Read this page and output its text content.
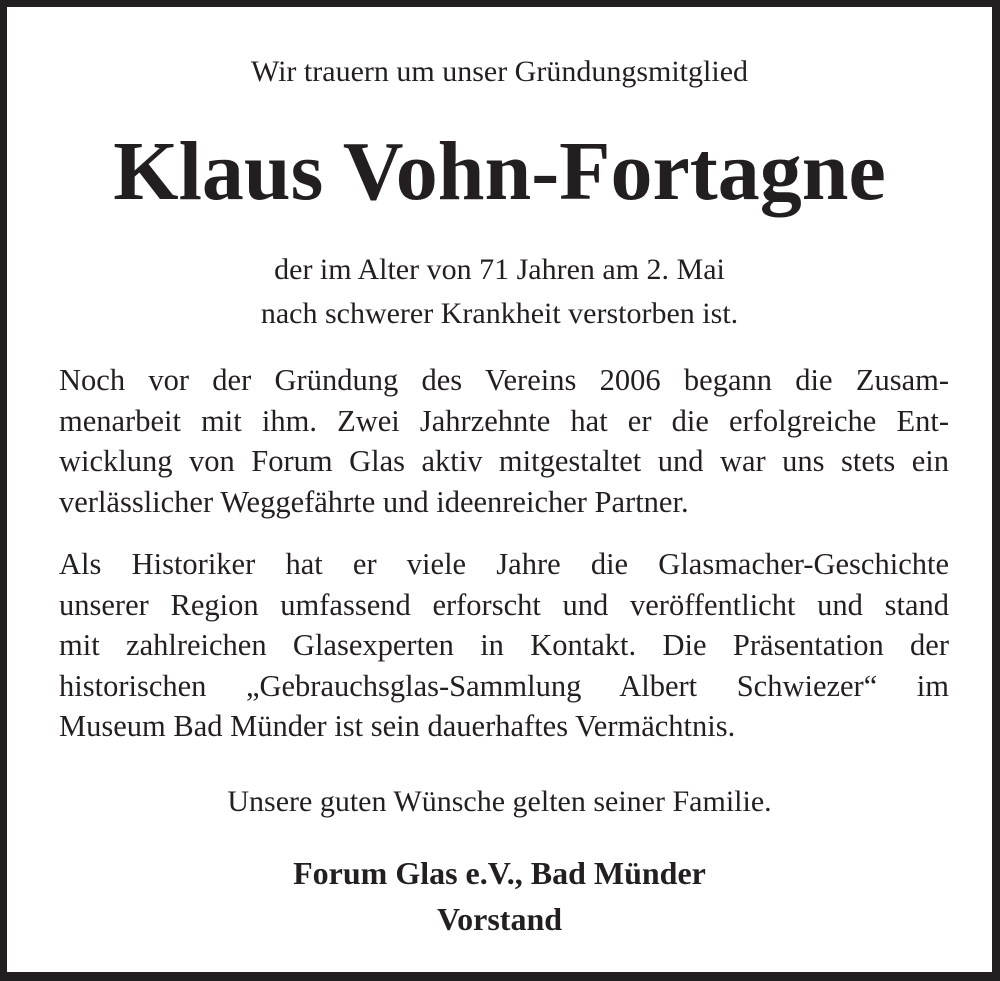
Wir trauern um unser Gründungsmitglied
Klaus Vohn-Fortagne
der im Alter von 71 Jahren am 2. Mai
nach schwerer Krankheit verstorben ist.
Noch vor der Gründung des Vereins 2006 begann die Zusam-
menarbeit mit ihm. Zwei Jahrzehnte hat er die erfolgreiche Ent-
wicklung von Forum Glas aktiv mitgestaltet und war uns stets ein
verlässlicher Weggefährte und ideenreicher Partner.
Als Historiker hat er viele Jahre die Glasmacher-Geschichte
unserer Region umfassend erforscht und veröffentlicht und stand
mit zahlreichen Glasexperten in Kontakt. Die Präsentation der
historischen „Gebrauchsglas-Sammlung Albert Schwiezer“ im
Museum Bad Münder ist sein dauerhaftes Vermächtnis.
Unsere guten Wünsche gelten seiner Familie.
Forum Glas e.V., Bad Münder
Vorstand
